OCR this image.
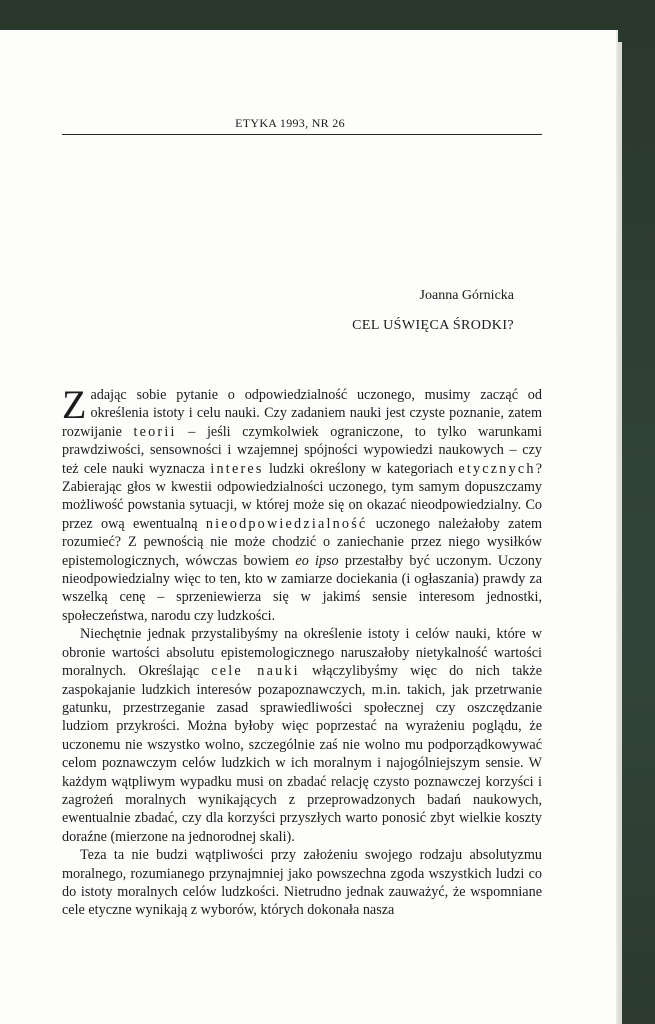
ETYKA 1993, NR 26
Joanna Górnicka
CEL UŚWIĘCA ŚRODKI?

Zadając sobie pytanie o odpowiedzialność uczonego, musimy zacząć od określenia istoty i celu nauki. Czy zadaniem nauki jest czyste poznanie, zatem rozwijanie teorii – jeśli czymkolwiek ograniczone, to tylko warunkami prawdziwości, sensowności i wzajemnej spójności wypowiedzi naukowych – czy też cele nauki wyznacza interes ludzki określony w kategoriach etycznych? Zabierając głos w kwestii odpowiedzialności uczonego, tym samym dopuszczamy możliwość powstania sytuacji, w której może się on okazać nieodpowiedzialny. Co przez ową ewentualną nieodpowiedzialność uczonego należałoby zatem rozumieć? Z pewnością nie może chodzić o zaniechanie przez niego wysiłków epistemologicznych, wówczas bowiem eo ipso przestałby być uczonym. Uczony nieodpowiedzialny więc to ten, kto w zamiarze dociekania (i ogłaszania) prawdy za wszelką cenę – sprzeniewierza się w jakimś sensie interesom jednostki, społeczeństwa, narodu czy ludzkości.

Niechętnie jednak przystalibyśmy na określenie istoty i celów nauki, które w obronie wartości absolutu epistemologicznego naruszałoby nietykalność wartości moralnych. Określając cele nauki włączylibyśmy więc do nich także zaspokajanie ludzkich interesów pozapoznawczych, m.in. takich, jak przetrwanie gatunku, przestrzeganie zasad sprawiedliwości społecznej czy oszczędzanie ludziom przykrości. Można byłoby więc poprzestać na wyrażeniu poglądu, że uczonemu nie wszystko wolno, szczególnie zaś nie wolno mu podporządkowywać celom poznawczym celów ludzkich w ich moralnym i najogólniejszym sensie. W każdym wątpliwym wypadku musi on zbadać relację czysto poznawczej korzyści i zagrożeń moralnych wynikających z przeprowadzonych badań naukowych, ewentualnie zbadać, czy dla korzyści przyszłych warto ponosić zbyt wielkie koszty doraźne (mierzone na jednorodnej skali).

Teza ta nie budzi wątpliwości przy założeniu swojego rodzaju absolutyzmu moralnego, rozumianego przynajmniej jako powszechna zgoda wszystkich ludzi co do istoty moralnych celów ludzkości. Nietrudno jednak zauważyć, że wspomniane cele etyczne wynikają z wyborów, których dokonała nasza
